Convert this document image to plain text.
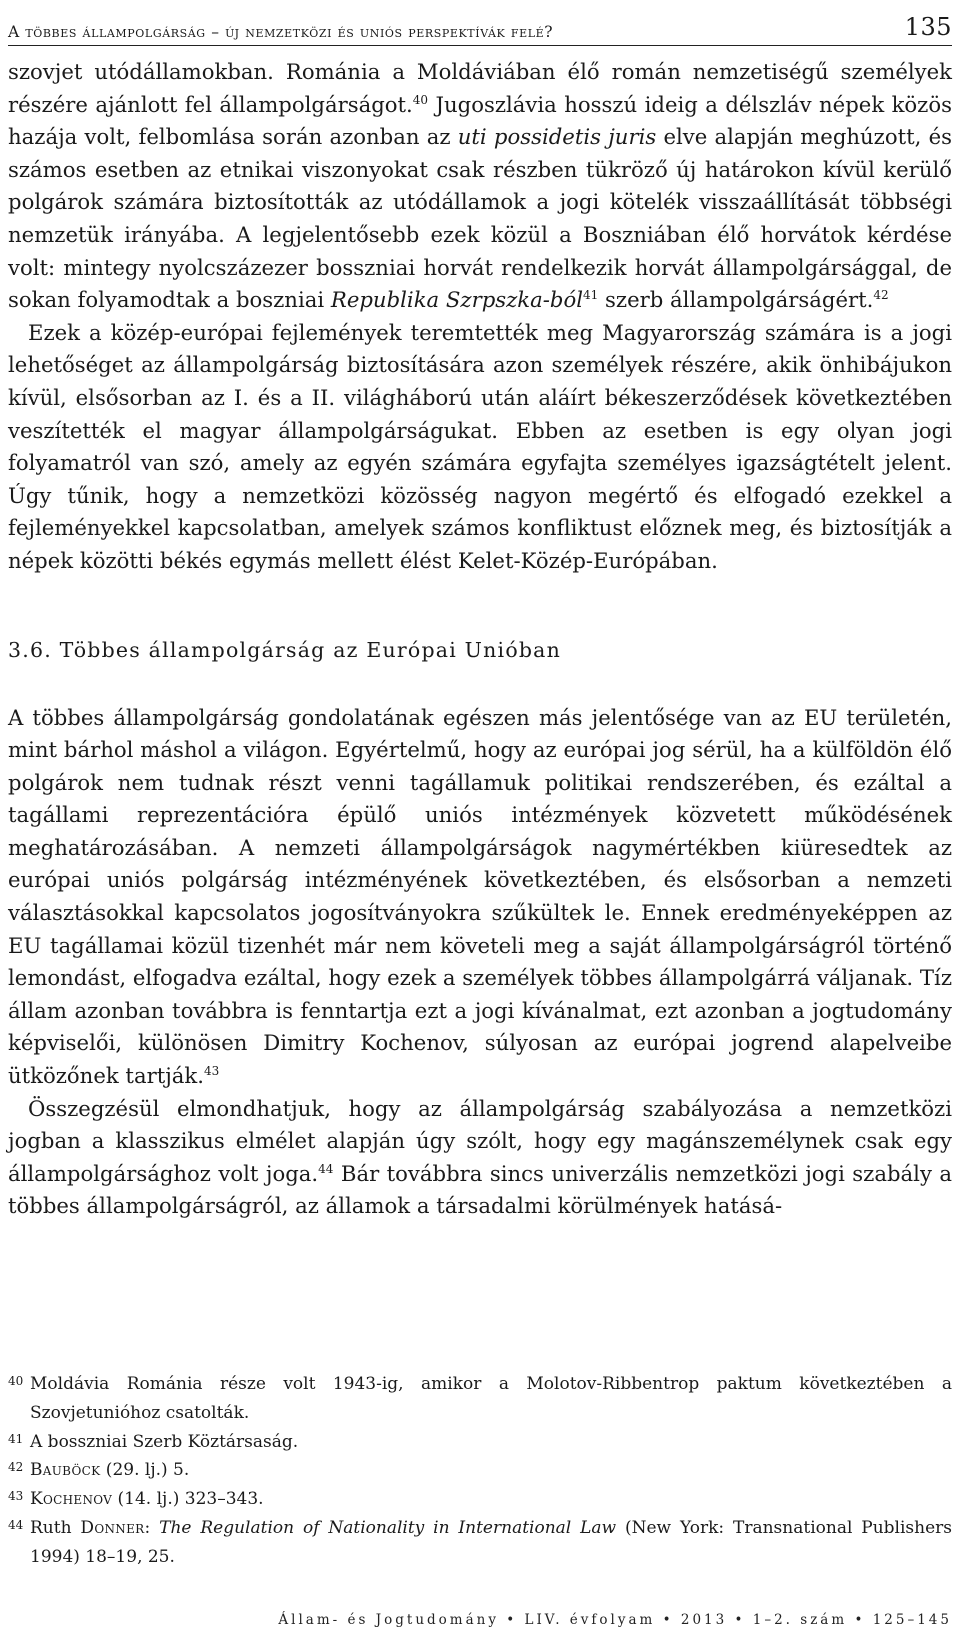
A többes állampolgárság – új nemzetközi és uniós perspektívák felé?	135

szovjet utódállamokban. Románia a Moldáviában élő román nemzetiségű személyek részére ajánlott fel állampolgárságot.$^{40}$ Jugoszlávia hosszú ideig a délszláv népek közös hazája volt, felbomlása során azonban az uti possidetis juris elve alapján meghúzott, és számos esetben az etnikai viszonyokat csak részben tükröző új határokon kívül kerülő polgárok számára biztosították az utódállamok a jogi kötelék visszaállítását többségi nemzetük irányába. A legjelentősebb ezek közül a Boszniában élő horvátok kérdése volt: mintegy nyolcszázezer bosszniai horvát rendelkezik horvát állampolgársággal, de sokan folyamodtak a boszniai Republika Szrpszka-ból$^{41}$ szerb állampolgárságért.$^{42}$

Ezek a közép-európai fejlemények teremtették meg Magyarország számára is a jogi lehetőséget az állampolgárság biztosítására azon személyek részére, akik önhibájukon kívül, elsősorban az I. és a II. világháború után aláírt békeszerződések következtében veszítették el magyar állampolgárságukat. Ebben az esetben is egy olyan jogi folyamatról van szó, amely az egyén számára egyfajta személyes igazságtételt jelent. Úgy tűnik, hogy a nemzetközi közösség nagyon megértő és elfogadó ezekkel a fejleményekkel kapcsolatban, amelyek számos konfliktust előznek meg, és biztosítják a népek közötti békés egymás mellett élést Kelet-Közép-Európában.

3.6. Többes állampolgárság az Európai Unióban

A többes állampolgárság gondolatának egészen más jelentősége van az EU területén, mint bárhol máshol a világon. Egyértelmű, hogy az európai jog sérül, ha a külföldön élő polgárok nem tudnak részt venni tagállamuk politikai rendszerében, és ezáltal a tagállami reprezentációra épülő uniós intézmények közvetett működésének meghatározásában. A nemzeti állampolgárságok nagymértékben kiüresedtek az európai uniós polgárság intézményének következtében, és elsősorban a nemzeti választásokkal kapcsolatos jogosítványokra szűkültek le. Ennek eredményeképpen az EU tagállamai közül tizenhét már nem követeli meg a saját állampolgárságról történő lemondást, elfogadva ezáltal, hogy ezek a személyek többes állampolgárrá váljanak. Tíz állam azonban továbbra is fenntartja ezt a jogi kívánalmat, ezt azonban a jogtudomány képviselői, különösen Dimitry Kochenov, súlyosan az európai jogrend alapelveibe ütközőnek tartják.$^{43}$

Összegzésül elmondhatjuk, hogy az állampolgárság szabályozása a nemzetközi jogban a klasszikus elmélet alapján úgy szólt, hogy egy magánszemélynek csak egy állampolgársághoz volt joga.$^{44}$ Bár továbbra sincs univerzális nemzetközi jogi szabály a többes állampolgárságról, az államok a társadalmi körülmények hatásá-

40 Moldávia Románia része volt 1943-ig, amikor a Molotov-Ribbentrop paktum következtében a Szovjetunióhoz csatolták.
41 A bosszniai Szerb Köztársaság.
42 Bauböck (29. lj.) 5.
43 Kochenov (14. lj.) 323–343.
44 Ruth Donner: The Regulation of Nationality in International Law (New York: Transnational Publishers 1994) 18–19, 25.
Állam- és Jogtudomány • LIV. évfolyam • 2013 • 1–2. szám • 125–145
